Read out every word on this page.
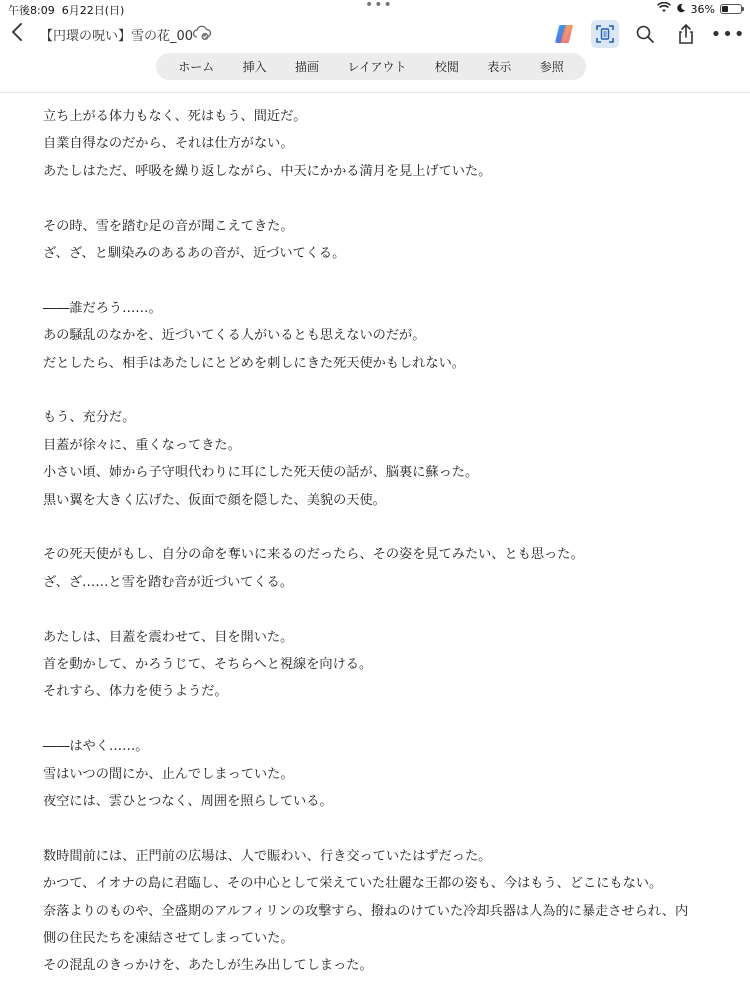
午後8:09 6月22日(日)	•••	36%
【円環の呪い】雪の花_00	•••
ホーム	挿入	描画	レイアウト	校閲	表示	参照
立ち上がる体力もなく、死はもう、間近だ。
自業自得なのだから、それは仕方がない。
あたしはただ、呼吸を繰り返しながら、中天にかかる満月を見上げていた。
その時、雪を踏む足の音が聞こえてきた。
ざ、ざ、と馴染みのあるあの音が、近づいてくる。
――誰だろう……。
あの騒乱のなかを、近づいてくる人がいるとも思えないのだが。
だとしたら、相手はあたしにとどめを刺しにきた死天使かもしれない。
もう、充分だ。
目蓋が徐々に、重くなってきた。
小さい頃、姉から子守唄代わりに耳にした死天使の話が、脳裏に蘇った。
黒い翼を大きく広げた、仮面で顔を隠した、美貌の天使。
その死天使がもし、自分の命を奪いに来るのだったら、その姿を見てみたい、とも思った。
ざ、ざ……と雪を踏む音が近づいてくる。
あたしは、目蓋を震わせて、目を開いた。
首を動かして、かろうじて、そちらへと視線を向ける。
それすら、体力を使うようだ。
――はやく……。
雪はいつの間にか、止んでしまっていた。
夜空には、雲ひとつなく、周囲を照らしている。
数時間前には、正門前の広場は、人で賑わい、行き交っていたはずだった。
かつて、イオナの島に君臨し、その中心として栄えていた壮麗な王都の姿も、今はもう、どこにもない。
奈落よりのものや、全盛期のアルフィリンの攻撃すら、撥ねのけていた冷却兵器は人為的に暴走させられ、内
側の住民たちを凍結させてしまっていた。
その混乱のきっかけを、あたしが生み出してしまった。
